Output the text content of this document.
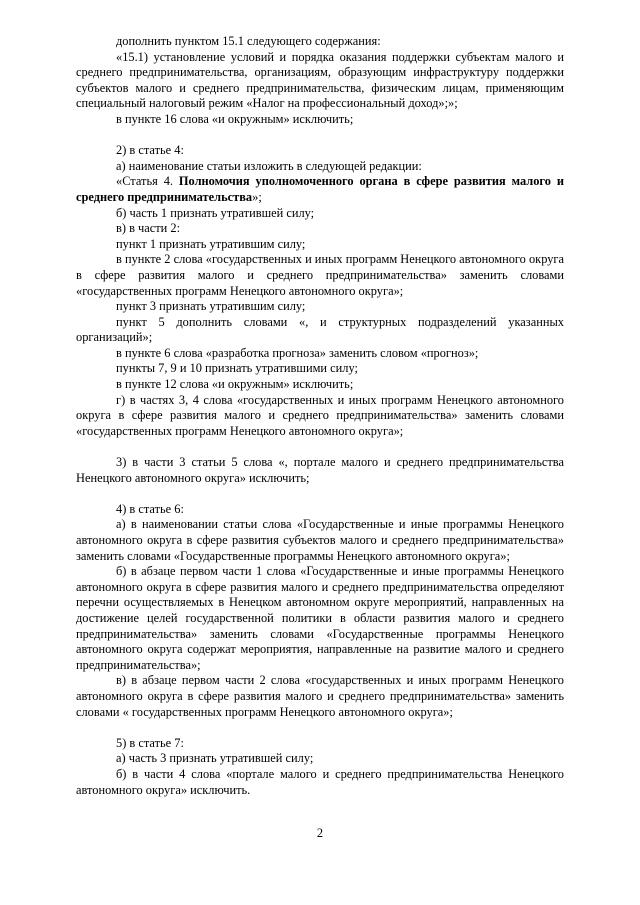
дополнить пунктом 15.1 следующего содержания:

«15.1) установление условий и порядка оказания поддержки субъектам малого и среднего предпринимательства, организациям, образующим инфраструктуру поддержки субъектов малого и среднего предпринимательства, физическим лицам, применяющим специальный налоговый режим «Налог на профессиональный доход»;»;

в пункте 16 слова «и окружным» исключить;

2) в статье 4:

а) наименование статьи изложить в следующей редакции:

«Статья 4. Полномочия уполномоченного органа в сфере развития малого и среднего предпринимательства»;

б) часть 1 признать утратившей силу;

в) в части 2:

пункт 1 признать утратившим силу;

в пункте 2 слова «государственных и иных программ Ненецкого автономного округа в сфере развития малого и среднего предпринимательства» заменить словами «государственных программ Ненецкого автономного округа»;

пункт 3 признать утратившим силу;

пункт 5 дополнить словами «, и структурных подразделений указанных организаций»;

в пункте 6 слова «разработка прогноза» заменить словом «прогноз»;

пункты 7, 9 и 10 признать утратившими силу;

в пункте 12 слова «и окружным» исключить;

г) в частях 3, 4 слова «государственных и иных программ Ненецкого автономного округа в сфере развития малого и среднего предпринимательства» заменить словами «государственных программ Ненецкого автономного округа»;

3) в части 3 статьи 5 слова «, портале малого и среднего предпринимательства Ненецкого автономного округа» исключить;

4) в статье 6:

а) в наименовании статьи слова «Государственные и иные программы Ненецкого автономного округа в сфере развития субъектов малого и среднего предпринимательства» заменить словами «Государственные программы Ненецкого автономного округа»;

б) в абзаце первом части 1 слова «Государственные и иные программы Ненецкого автономного округа в сфере развития малого и среднего предпринимательства определяют перечни осуществляемых в Ненецком автономном округе мероприятий, направленных на достижение целей государственной политики в области развития малого и среднего предпринимательства» заменить словами «Государственные программы Ненецкого автономного округа содержат мероприятия, направленные на развитие малого и среднего предпринимательства»;

в) в абзаце первом части 2 слова «государственных и иных программ Ненецкого автономного округа в сфере развития малого и среднего предпринимательства» заменить словами « государственных программ Ненецкого автономного округа»;

5) в статье 7:

а) часть 3 признать утратившей силу;

б) в части 4 слова «портале малого и среднего предпринимательства Ненецкого автономного округа» исключить.

2
